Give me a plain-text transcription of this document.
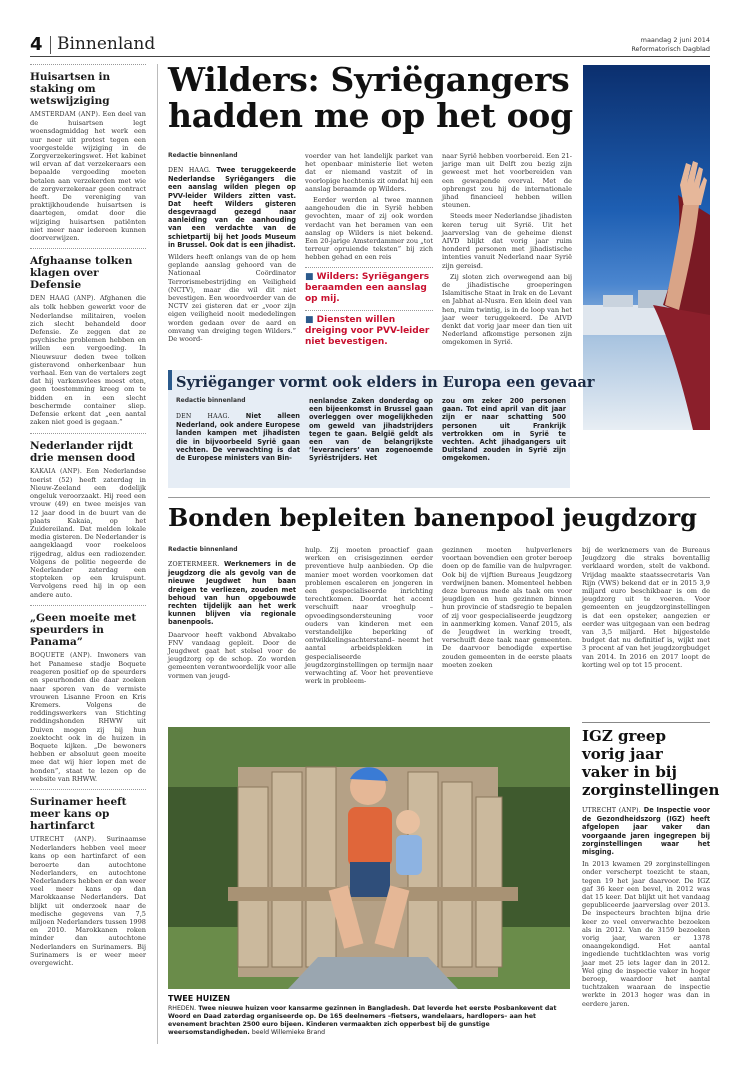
4 Binnenland	maandag 2 juni 2014
Reformatorisch Dagblad
Huisartsen in staking om wetswijziging
AMSTERDAM (ANP). Een deel van de huisartsen legt woensdagmiddag het werk een uur neer uit protest tegen een voorgestelde wijziging in de Zorgverzekeringswet. Het kabinet wil ervan af dat verzekeraars een bepaalde vergoeding moeten betalen aan verzekerden met wie de zorgverzekeraar geen contract heeft. De vereniging van praktijkhoudende huisartsen is daartegen, omdat door die wijziging huisartsen patiënten niet meer naar iedereen kunnen doorverwijzen.
Afghaanse tolken klagen over Defensie
DEN HAAG (ANP). Afghanen die als tolk hebben gewerkt voor de Nederlandse militairen, voelen zich slecht behandeld door Defensie. Ze zeggen dat ze psychische problemen hebben en willen een vergoeding. In Nieuwsuur deden twee tolken gisteravond onherkenbaar hun verhaal. Een van de vertalers zegt dat hij varkensvlees moest eten, geen toestemming kreeg om te bidden en in een slecht beschermde container sliep. Defensie erkent dat „een aantal zaken niet goed is gegaan.”
Nederlander rijdt drie mensen dood
KAKAIA (ANP). Een Nederlandse toerist (52) heeft zaterdag in Nieuw-Zeeland een dodelijk ongeluk veroorzaakt. Hij reed een vrouw (49) en twee meisjes van 12 jaar dood in de buurt van de plaats Kakaia, op het Zuidereiland. Dat melden lokale media gisteren. De Nederlander is aangeklaagd voor roekeloos rijgedrag, aldus een radiozender. Volgens de politie negeerde de Nederlander zaterdag een stopteken op een kruispunt. Vervolgens reed hij in op een andere auto.
„Geen moeite met speurders in Panama”
BOQUETE (ANP). Inwoners van het Panamese stadje Boquete reageren positief op de speurders en speurhonden die daar zoeken naar sporen van de vermiste vrouwen Lisanne Froon en Kris Kremers. Volgens de reddingswerkers van Stichting reddingshonden RHWW uit Duiven mogen zij bij hun zoektocht ook in de huizen in Boquete kijken. „De bewoners hebben er absoluut geen moeite mee dat wij hier lopen met de honden”, staat te lezen op de website van RHWW.
Surinamer heeft meer kans op hartinfarct
UTRECHT (ANP). Surinaamse Nederlanders hebben veel meer kans op een hartinfarct of een beroerte dan autochtone Nederlanders, en autochtone Nederlanders hebben er dan weer veel meer kans op dan Marokkaanse Nederlanders. Dat blijkt uit onderzoek naar de medische gegevens van 7,5 miljoen Nederlanders tussen 1998 en 2010. Marokkanen roken minder dan autochtone Nederlanders en Surinamers. Bij Surinamers is er weer meer overgewicht.
Wilders: Syriëgangers
hadden me op het oog
Redactie binnenland
DEN HAAG. Twee teruggekeerde Nederlandse Syriëgangers die een aanslag wilden plegen op PVV-leider Wilders zitten vast. Dat heeft Wilders gisteren desgevraagd gezegd naar aanleiding van de aanhouding van een verdachte van de schietpartij bij het Joods Museum in Brussel. Ook dat is een jihadist.

Wilders heeft onlangs van de op hem geplande aanslag gehoord van de Nationaal Coördinator Terrorismebestrijding en Veiligheid (NCTV), maar die wil dit niet bevestigen. Een woordvoerder van de NCTV zei gisteren dat er „voor zijn eigen veiligheid nooit mededelingen worden gedaan over de aard en omvang van dreiging tegen Wilders.” De woord-

voerder van het landelijk parket van het openbaar ministerie liet weten dat er niemand vastzit of in voorlopige hechtenis zit omdat hij een aanslag beraamde op Wilders.

Eerder werden al twee mannen aangehouden die in Syrië hebben gevochten, maar of zij ook worden verdacht van het beramen van een aanslag op Wilders is niet bekend. Een 20-jarige Amsterdammer zou „tot terreur opruiende teksten” bij zich hebben gehad en een reis

■ Wilders: Syriëgangers beraamden een aanslag op mij.
■ Diensten willen dreiging voor PVV-leider niet bevestigen.

naar Syrië hebben voorbereid. Een 21-jarige man uit Delft zou bezig zijn geweest met het voorbereiden van een gewapende overval. Met de opbrengst zou hij de internationale jihad financieel hebben willen steunen.

Steeds meer Nederlandse jihadisten keren terug uit Syrië. Uit het jaarverslag van de geheime dienst AIVD blijkt dat vorig jaar ruim honderd personen met jihadistische intenties vanuit Nederland naar Syrië zijn gereisd.

Zij sloten zich overwegend aan bij de jihadistische groeperingen Islamitische Staat in Irak en de Levant en Jabhat al-Nusra. Een klein deel van hen, ruim twintig, is in de loop van het jaar weer teruggekeerd. De AIVD denkt dat vorig jaar meer dan tien uit Nederland afkomstige personen zijn omgekomen in Syrië.

Syriëganger vormt ook elders in Europa een gevaar
Redactie binnenland
DEN HAAG. Niet alleen Nederland, ook andere Europese landen kampen met jihadisten die in bijvoorbeeld Syrië gaan vechten. De verwachting is dat de Europese ministers van Bin-
nenlandse Zaken donderdag op een bijeenkomst in Brussel gaan overleggen over mogelijkheden om geweld van jihadstrijders tegen te gaan. België geldt als een van de belangrijkste ’leveranciers’ van zogenoemde Syriëstrijders. Het
zou om zeker 200 personen gaan. Tot eind april van dit jaar zijn er naar schatting 500 personen uit Frankrijk vertrokken om in Syrië te vechten. Acht jihadgangers uit Duitsland zouden in Syrië zijn omgekomen.
Bonden bepleiten banenpool jeugdzorg
Redactie binnenland
ZOETERMEER. Werknemers in de jeugdzorg die als gevolg van de nieuwe Jeugdwet hun baan dreigen te verliezen, zouden met behoud van hun opgebouwde rechten tijdelijk aan het werk kunnen blijven via regionale banenpools.

Daarvoor heeft vakbond Abvakabo FNV vandaag gepleit. Door de Jeugdwet gaat het stelsel voor de jeugdzorg op de schop. Zo worden gemeenten verantwoordelijk voor alle vormen van jeugd-

hulp. Zij moeten proactief gaan werken en crisisgezinnen eerder preventieve hulp aanbieden. Op die manier moet worden voorkomen dat problemen escaleren en jongeren in een gespecialiseerde inrichting terechtkomen. Doordat het accent verschuift naar vroeghulp –opvoedingsondersteuning voor ouders van kinderen met een verstandelijke beperking of ontwikkelingsachterstand– neemt het aantal arbeidsplekken in gespecialiseerde jeugdzorginstellingen op termijn naar verwachting af. Voor het preventieve werk in probleem-

gezinnen moeten hulpverleners voortaan bovendien een groter beroep doen op de familie van de hulpvrager. Ook bij de vijftien Bureaus Jeugdzorg verdwijnen banen. Momenteel hebben deze bureaus mede als taak om voor jeugdigen en hun gezinnen binnen hun provincie of stadsregio te bepalen of zij voor gespecialiseerde jeugdzorg in aanmerking komen. Vanaf 2015, als de Jeugdwet in werking treedt, verschuift deze taak naar gemeenten. De daarvoor benodigde expertise zouden gemeenten in de eerste plaats moeten zoeken

bij de werknemers van de Bureaus Jeugdzorg die straks boventallig verklaard worden, stelt de vakbond. Vrijdag maakte staatssecretaris Van Rijn (VWS) bekend dat er in 2015 3,9 miljard euro beschikbaar is om de jeugdzorg uit te voeren. Voor gemeenten en jeugdzorginstellingen is dat een opsteker, aangezien er eerder was uitgegaan van een bedrag van 3,5 miljard. Het bijgestelde budget dat nu definitief is, wijkt met 3 procent af van het jeugdzorgbudget van 2014. In 2016 en 2017 loopt de korting wel op tot 15 procent.

TWEE HUIZEN
RHEDEN. Twee nieuwe huizen voor kansarme gezinnen in Bangladesh. Dat leverde het eerste Posbankevent dat Woord en Daad zaterdag organiseerde op. De 165 deelnemers –fietsers, wandelaars, hardlopers– aan het evenement brachten 2500 euro bijeen. Kinderen vermaakten zich opperbest bij de gunstige weersomstandigheden. beeld Willemieke Brand
IGZ greep vorig jaar vaker in bij zorginstellingen
UTRECHT (ANP). De Inspectie voor de Gezondheidszorg (IGZ) heeft afgelopen jaar vaker dan voorgaande jaren ingegrepen bij zorginstellingen waar het misging.

In 2013 kwamen 29 zorginstellingen onder verscherpt toezicht te staan, tegen 19 het jaar daarvoor. De IGZ gaf 36 keer een bevel, in 2012 was dat 15 keer. Dat blijkt uit het vandaag gepubliceerde jaarverslag over 2013. De inspecteurs brachten bijna drie keer zo veel onverwachte bezoeken als in 2012. Van de 3159 bezoeken vorig jaar, waren er 1378 onaangekondigd. Het aantal ingediende tuchtklachten was vorig jaar met 25 iets lager dan in 2012. Wel ging de inspectie vaker in hoger beroep, waardoor het aantal tuchtzaken waaraan de inspectie werkte in 2013 hoger was dan in eerdere jaren.
